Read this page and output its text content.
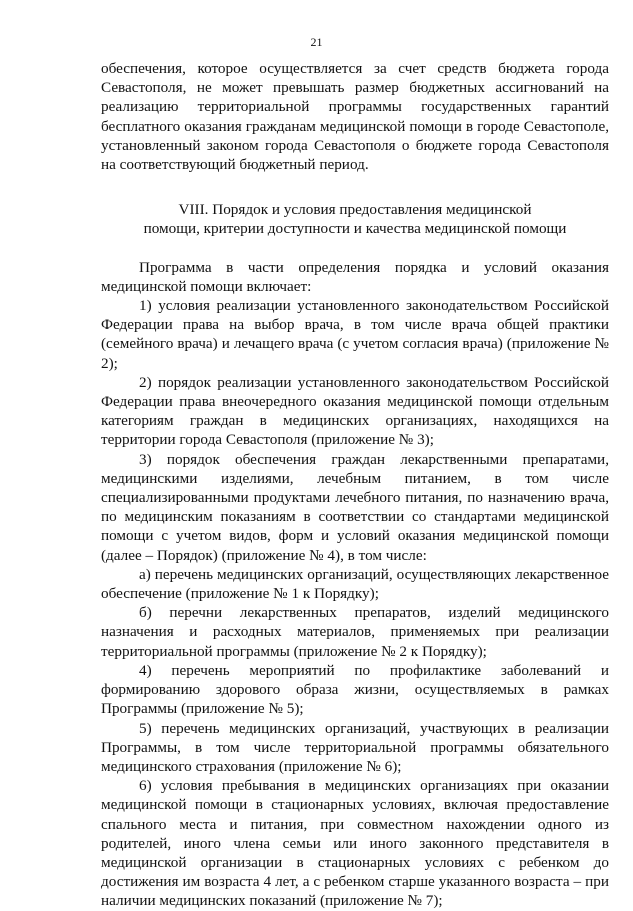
21

обеспечения, которое осуществляется за счет средств бюджета города Севастополя, не может превышать размер бюджетных ассигнований на реализацию территориальной программы государственных гарантий бесплатного оказания гражданам медицинской помощи в городе Севастополе, установленный законом города Севастополя о бюджете города Севастополя на соответствующий бюджетный период.

VIII. Порядок и условия предоставления медицинской

помощи, критерии доступности и качества медицинской помощи

Программа в части определения порядка и условий оказания медицинской помощи включает:

1) условия реализации установленного законодательством Российской Федерации права на выбор врача, в том числе врача общей практики (семейного врача) и лечащего врача (с учетом согласия врача) (приложение № 2);

2) порядок реализации установленного законодательством Российской Федерации права внеочередного оказания медицинской помощи отдельным категориям граждан в медицинских организациях, находящихся на территории города Севастополя (приложение № 3);

3) порядок обеспечения граждан лекарственными препаратами, медицинскими изделиями, лечебным питанием, в том числе специализированными продуктами лечебного питания, по назначению врача, по медицинским показаниям в соответствии со стандартами медицинской помощи с учетом видов, форм и условий оказания медицинской помощи (далее – Порядок) (приложение № 4), в том числе:

а) перечень медицинских организаций, осуществляющих лекарственное обеспечение (приложение № 1 к Порядку);

б) перечни лекарственных препаратов, изделий медицинского назначения и расходных материалов, применяемых при реализации территориальной программы (приложение № 2 к Порядку);

4) перечень мероприятий по профилактике заболеваний и формированию здорового образа жизни, осуществляемых в рамках Программы (приложение № 5);

5) перечень медицинских организаций, участвующих в реализации Программы, в том числе территориальной программы обязательного медицинского страхования (приложение № 6);

6) условия пребывания в медицинских организациях при оказании медицинской помощи в стационарных условиях, включая предоставление спального места и питания, при совместном нахождении одного из родителей, иного члена семьи или иного законного представителя в медицинской организации в стационарных условиях с ребенком до достижения им возраста 4 лет, а с ребенком старше указанного возраста – при наличии медицинских показаний (приложение № 7);
